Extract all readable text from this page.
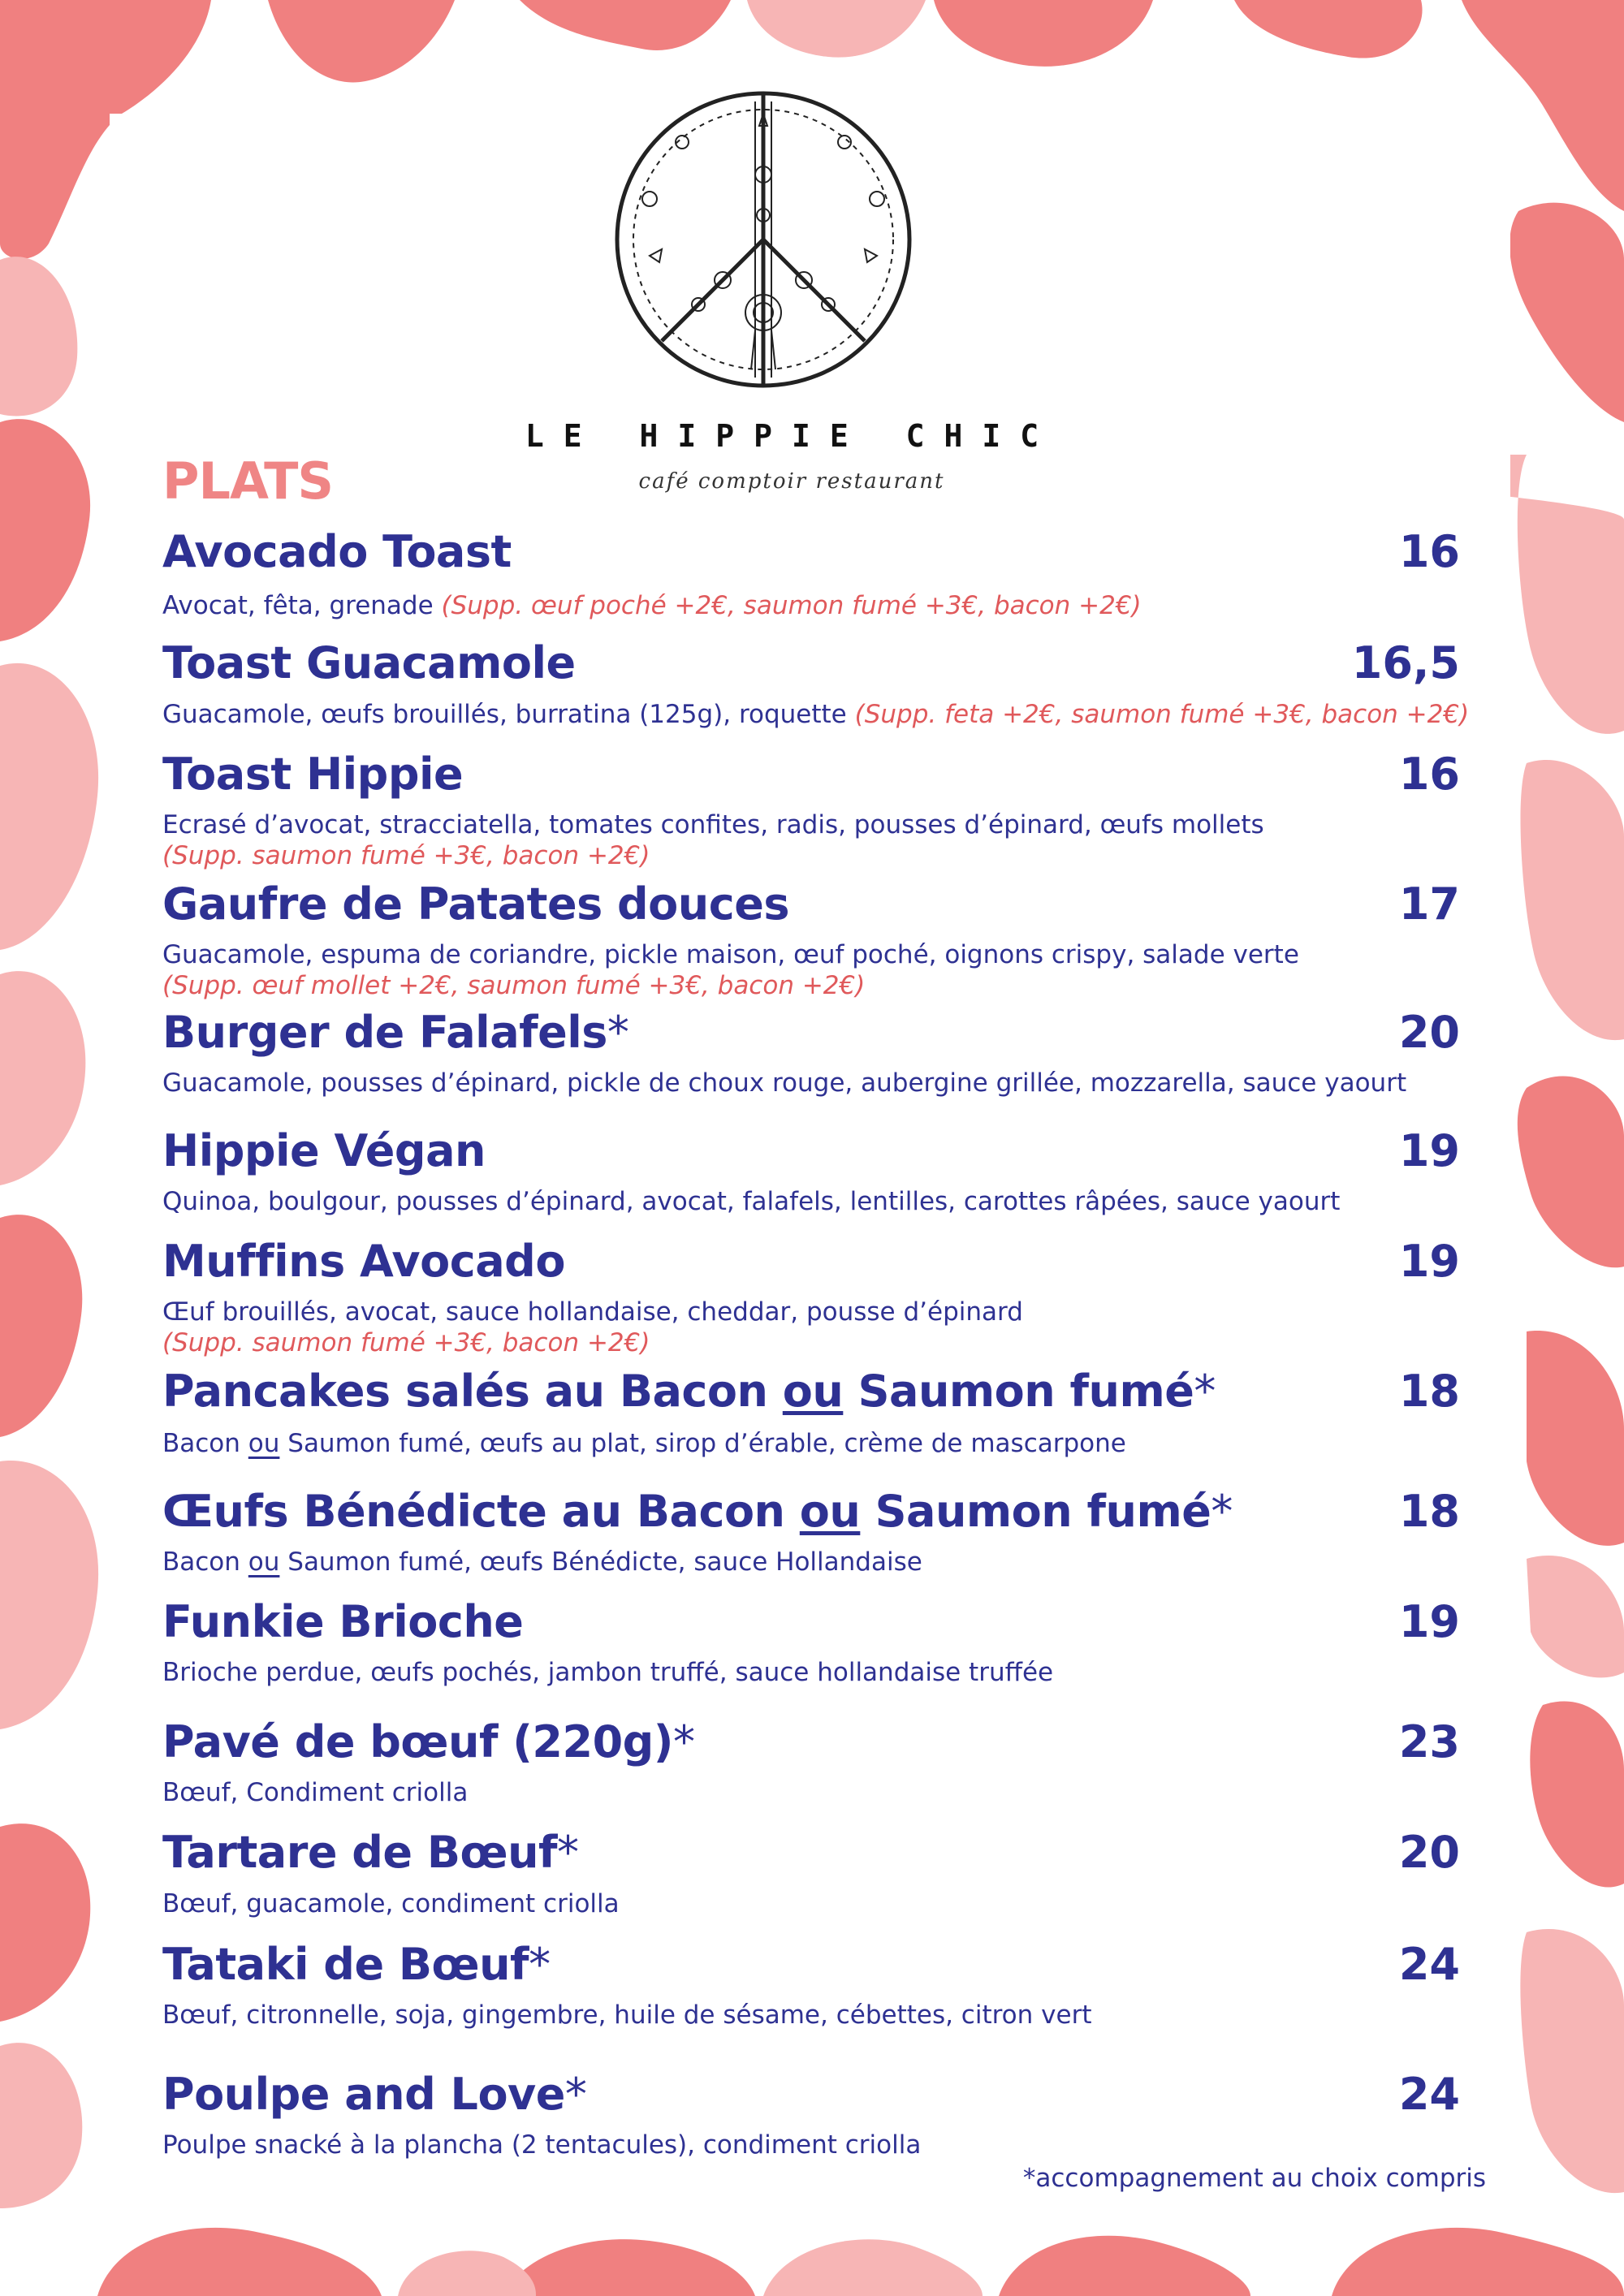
LE HIPPIE CHIC
café comptoir restaurant
PLATS
Avocado Toast	16
Avocat, fêta, grenade (Supp. œuf poché +2€, saumon fumé +3€, bacon +2€)
Toast Guacamole	16,5
Guacamole, œufs brouillés, burratina (125g), roquette (Supp. feta +2€, saumon fumé +3€, bacon +2€)
Toast Hippie	16
Ecrasé d’avocat, stracciatella, tomates confites, radis, pousses d’épinard, œufs mollets
(Supp. saumon fumé +3€, bacon +2€)
Gaufre de Patates douces	17
Guacamole, espuma de coriandre, pickle maison, œuf poché, oignons crispy, salade verte
(Supp. œuf mollet +2€, saumon fumé +3€, bacon +2€)
Burger de Falafels*	20
Guacamole, pousses d’épinard, pickle de choux rouge, aubergine grillée, mozzarella, sauce yaourt
Hippie Végan	19
Quinoa, boulgour, pousses d’épinard, avocat, falafels, lentilles, carottes râpées, sauce yaourt
Muffins Avocado	19
Œuf brouillés, avocat, sauce hollandaise, cheddar, pousse d’épinard
(Supp. saumon fumé +3€, bacon +2€)
Pancakes salés au Bacon ou Saumon fumé*	18
Bacon ou Saumon fumé, œufs au plat, sirop d’érable, crème de mascarpone
Œufs Bénédicte au Bacon ou Saumon fumé*	18
Bacon ou Saumon fumé, œufs Bénédicte, sauce Hollandaise
Funkie Brioche	19
Brioche perdue, œufs pochés, jambon truffé, sauce hollandaise truffée
Pavé de bœuf (220g)*	23
Bœuf, Condiment criolla
Tartare de Bœuf*	20
Bœuf, guacamole, condiment criolla
Tataki de Bœuf*	24
Bœuf, citronnelle, soja, gingembre, huile de sésame, cébettes, citron vert
Poulpe and Love*	24
Poulpe snacké à la plancha (2 tentacules), condiment criolla
*accompagnement au choix compris
